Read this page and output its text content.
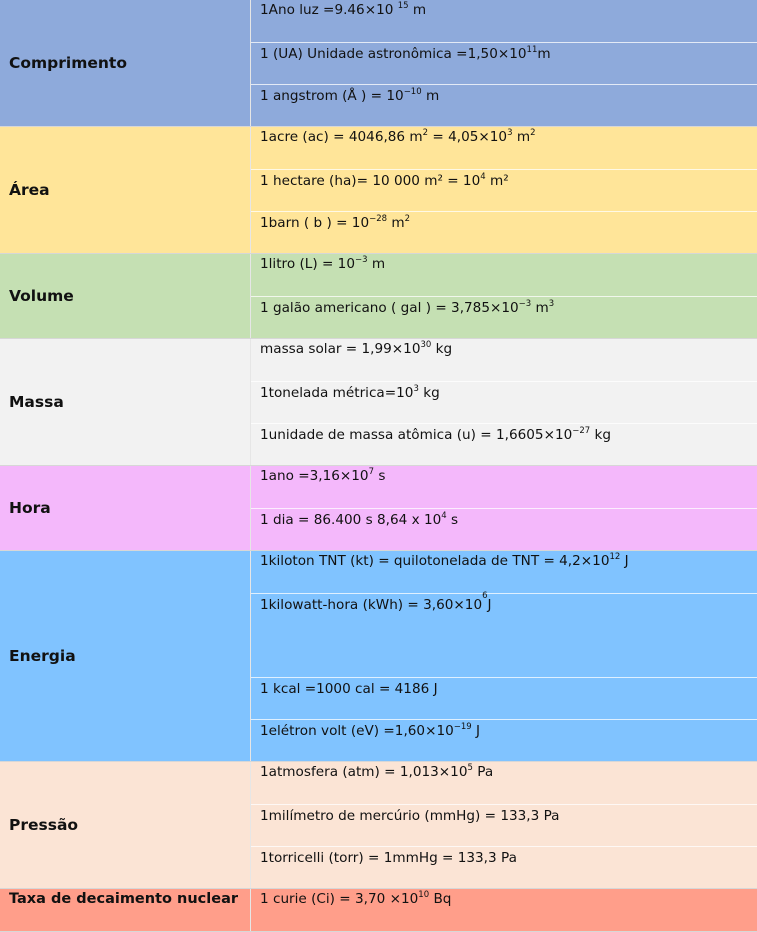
Comprimento
1Ano luz =9.46×10 $^{15}$ m
1 (UA) Unidade astronômica $=1,50\times 10^{11}m$
1 angstrom (Å ) = $10^{-10}$ m
Área
1acre (ac) = 4046,86 $m^2 = 4,05\times 10^3$ $m^2$
1 hectare (ha)= 10 000 $m^2 = 10^4$ m²
1barn ( b ) = $10^{-28}$ $m^2$
Volume
1litro $(L) = 10^{-3}$ m
1 galão americano ( gal ) = $3,785\times 10^{-3}$ $m^3$
Massa
massa solar = $1,99\times 10^{30}$ kg
1tonelada $métrica=10^3$ kg
1unidade de massa atômica $(u) = 1,6605\times 10^{-27}$ kg
Hora
$1ano =3,16\times 10^7$ s
1 dia = 86.400 s 8,64 x $10^4$ s
Energia
1kiloton TNT (kt) = quilotonelada de TNT = $4,2\times 10^{12}$ J
1kilowatt-hora (kWh) = 3,60×10
6
J
1 kcal =1000 cal = 4186 J
1elétron volt $(eV) =1,60\times 10^{-19}$ J
Pressão
1atmosfera $(atm) = 1,013\times 10^5$ Pa
1milímetro de mercúrio (mmHg) = 133,3 Pa
1torricelli (torr) = 1mmHg = 133,3 Pa
Taxa de decaimento nuclear	1 curie $(Ci) = 3,70 \times 10^{10}$ Bq
